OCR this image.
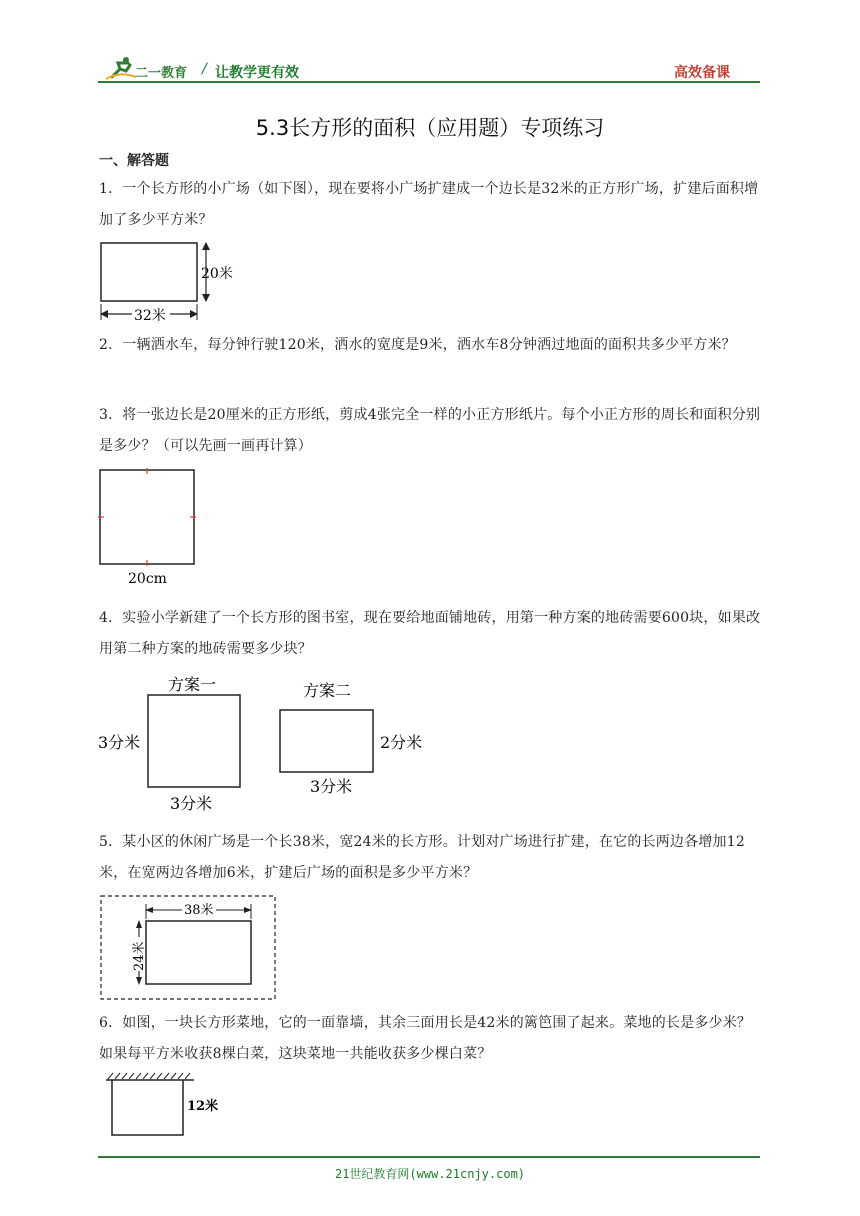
二一教育 / 让教学更有效	高效备课
5.3长方形的面积（应用题）专项练习
一、解答题
1．一个长方形的小广场（如下图），现在要将小广场扩建成一个边长是32米的正方形广场，扩建后面积增加了多少平方米？
32米
20米
2．一辆洒水车，每分钟行驶120米，洒水的宽度是9米，洒水车8分钟洒过地面的面积共多少平方米？
3．将一张边长是20厘米的正方形纸，剪成4张完全一样的小正方形纸片。每个小正方形的周长和面积分别是多少？（可以先画一画再计算）
20cm
4．实验小学新建了一个长方形的图书室，现在要给地面铺地砖，用第一种方案的地砖需要600块，如果改用第二种方案的地砖需要多少块？
方案一
3分米
3分米
方案二
2分米
3分米
5．某小区的休闲广场是一个长38米，宽24米的长方形。计划对广场进行扩建，在它的长两边各增加12米，在宽两边各增加6米，扩建后广场的面积是多少平方米？
38米
24米
6．如图，一块长方形菜地，它的一面靠墙，其余三面用长是42米的篱笆围了起来。菜地的长是多少米？如果每平方米收获8棵白菜，这块菜地一共能收获多少棵白菜？
12米
21世纪教育网(www.21cnjy.com)
